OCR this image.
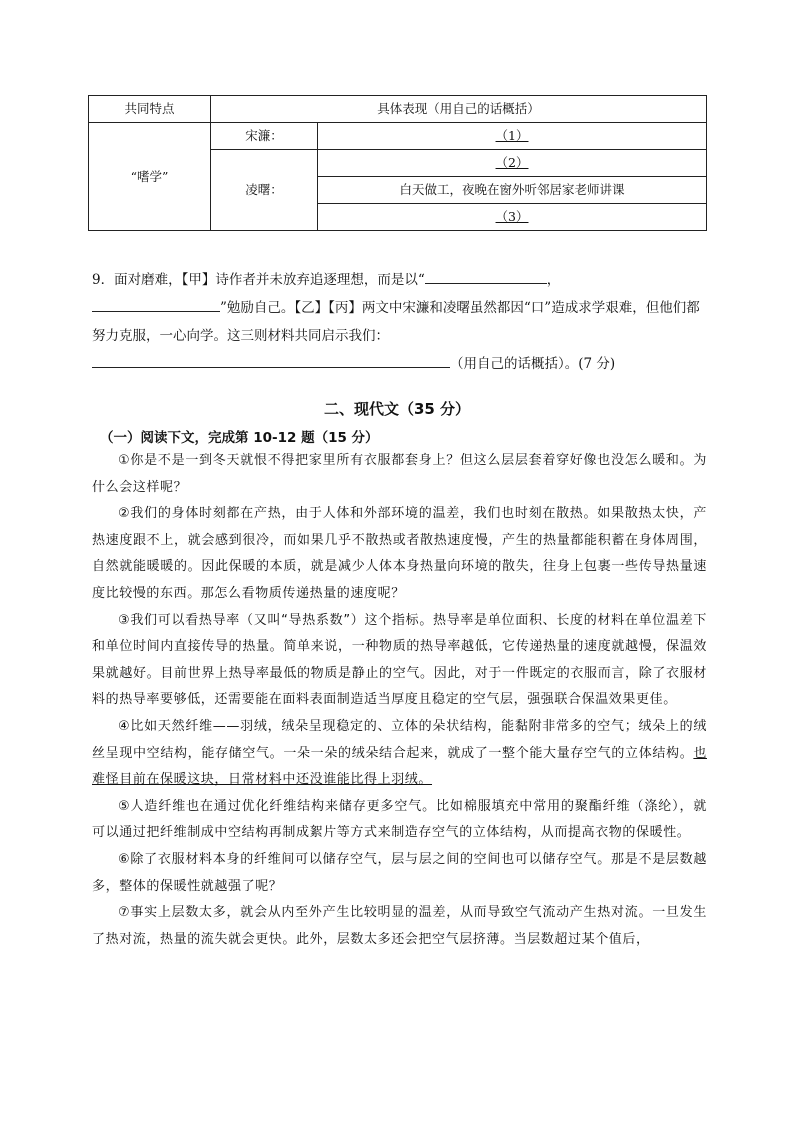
共同特点	具体表现（用自己的话概括）	
“嗜学”	宋濂：	（1）
	凌曙：	（2）
		白天做工，夜晚在窗外听邻居家老师讲课
		（3）
9．面对磨难，【甲】诗作者并未放弃追逐理想，而是以“	，
”勉励自己。【乙】【丙】两文中宋濂和凌曙虽然都因“口”造成求学艰难，但他们都努力克服，一心向学。这三则材料共同启示我们：
（用自己的话概括）。(7 分)
二、现代文（35 分）
（一）阅读下文，完成第 10-12 题（15 分）

①你是不是一到冬天就恨不得把家里所有衣服都套身上？但这么层层套着穿好像也没怎么暖和。为什么会这样呢？

②我们的身体时刻都在产热，由于人体和外部环境的温差，我们也时刻在散热。如果散热太快，产热速度跟不上，就会感到很冷，而如果几乎不散热或者散热速度慢，产生的热量都能积蓄在身体周围，自然就能暖暖的。因此保暖的本质，就是减少人体本身热量向环境的散失，往身上包裹一些传导热量速度比较慢的东西。那怎么看物质传递热量的速度呢？

③我们可以看热导率（又叫“导热系数”）这个指标。热导率是单位面积、长度的材料在单位温差下和单位时间内直接传导的热量。简单来说，一种物质的热导率越低，它传递热量的速度就越慢，保温效果就越好。目前世界上热导率最低的物质是静止的空气。因此，对于一件既定的衣服而言，除了衣服材料的热导率要够低，还需要能在面料表面制造适当厚度且稳定的空气层，强强联合保温效果更佳。

④比如天然纤维——羽绒，绒朵呈现稳定的、立体的朵状结构，能黏附非常多的空气；绒朵上的绒丝呈现中空结构，能存储空气。一朵一朵的绒朵结合起来，就成了一整个能大量存空气的立体结构。也难怪目前在保暖这块，日常材料中还没谁能比得上羽绒。

⑤人造纤维也在通过优化纤维结构来储存更多空气。比如棉服填充中常用的聚酯纤维（涤纶），就可以通过把纤维制成中空结构再制成絮片等方式来制造存空气的立体结构，从而提高衣物的保暖性。

⑥除了衣服材料本身的纤维间可以储存空气，层与层之间的空间也可以储存空气。那是不是层数越多，整体的保暖性就越强了呢？

⑦事实上层数太多，就会从内至外产生比较明显的温差，从而导致空气流动产生热对流。一旦发生了热对流，热量的流失就会更快。此外，层数太多还会把空气层挤薄。当层数超过某个值后，
